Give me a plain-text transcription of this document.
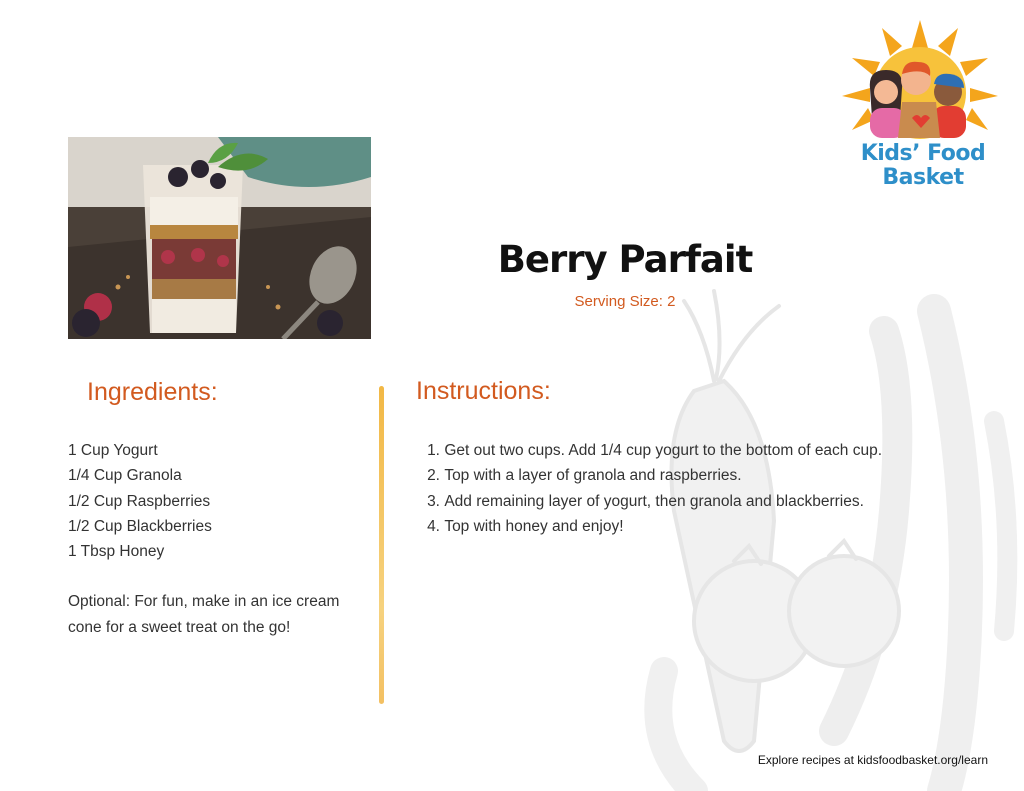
Kids’ Food
Basket
Berry Parfait
Serving Size: 2
Ingredients:	Instructions:
1 Cup Yogurt
1/4 Cup Granola
1/2 Cup Raspberries
1/2 Cup Blackberries
1 Tbsp Honey
Optional: For fun, make in an ice cream
cone for a sweet treat on the go!
1.
Get out two cups. Add 1/4 cup yogurt to the bottom of each cup.
2.
Top with a layer of granola and raspberries.
3.
Add remaining layer of yogurt, then granola and blackberries.
4.
Top with honey and enjoy!
Explore recipes at kidsfoodbasket.org/learn
